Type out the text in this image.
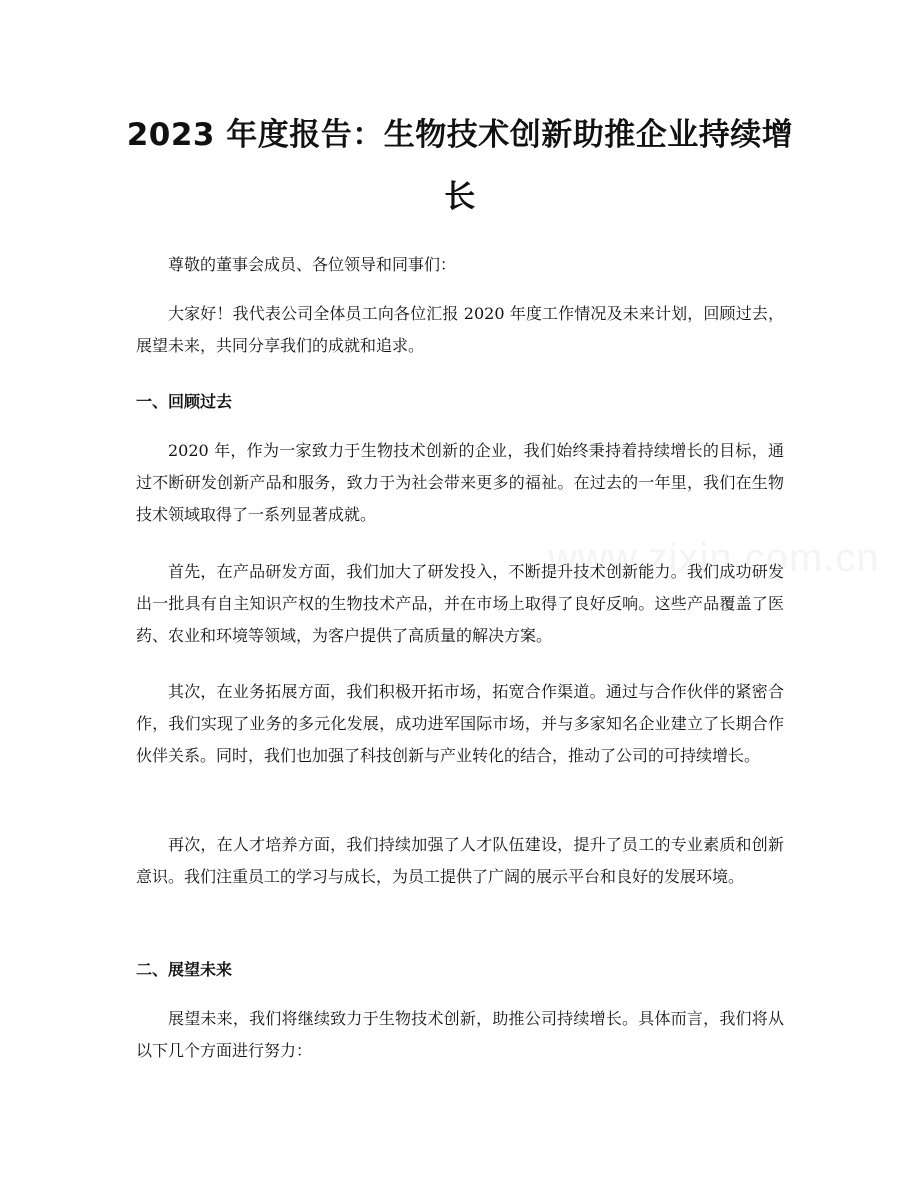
2023 年度报告：生物技术创新助推企业持续增长

尊敬的董事会成员、各位领导和同事们：

大家好！我代表公司全体员工向各位汇报 2020 年度工作情况及未来计划，回顾过去，展望未来，共同分享我们的成就和追求。

一、回顾过去

2020 年，作为一家致力于生物技术创新的企业，我们始终秉持着持续增长的目标，通过不断研发创新产品和服务，致力于为社会带来更多的福祉。在过去的一年里，我们在生物技术领域取得了一系列显著成就。

首先，在产品研发方面，我们加大了研发投入，不断提升技术创新能力。我们成功研发出一批具有自主知识产权的生物技术产品，并在市场上取得了良好反响。这些产品覆盖了医药、农业和环境等领域，为客户提供了高质量的解决方案。

其次，在业务拓展方面，我们积极开拓市场，拓宽合作渠道。通过与合作伙伴的紧密合作，我们实现了业务的多元化发展，成功进军国际市场，并与多家知名企业建立了长期合作伙伴关系。同时，我们也加强了科技创新与产业转化的结合，推动了公司的可持续增长。

再次，在人才培养方面，我们持续加强了人才队伍建设，提升了员工的专业素质和创新意识。我们注重员工的学习与成长，为员工提供了广阔的展示平台和良好的发展环境。

二、展望未来

展望未来，我们将继续致力于生物技术创新，助推公司持续增长。具体而言，我们将从以下几个方面进行努力：
